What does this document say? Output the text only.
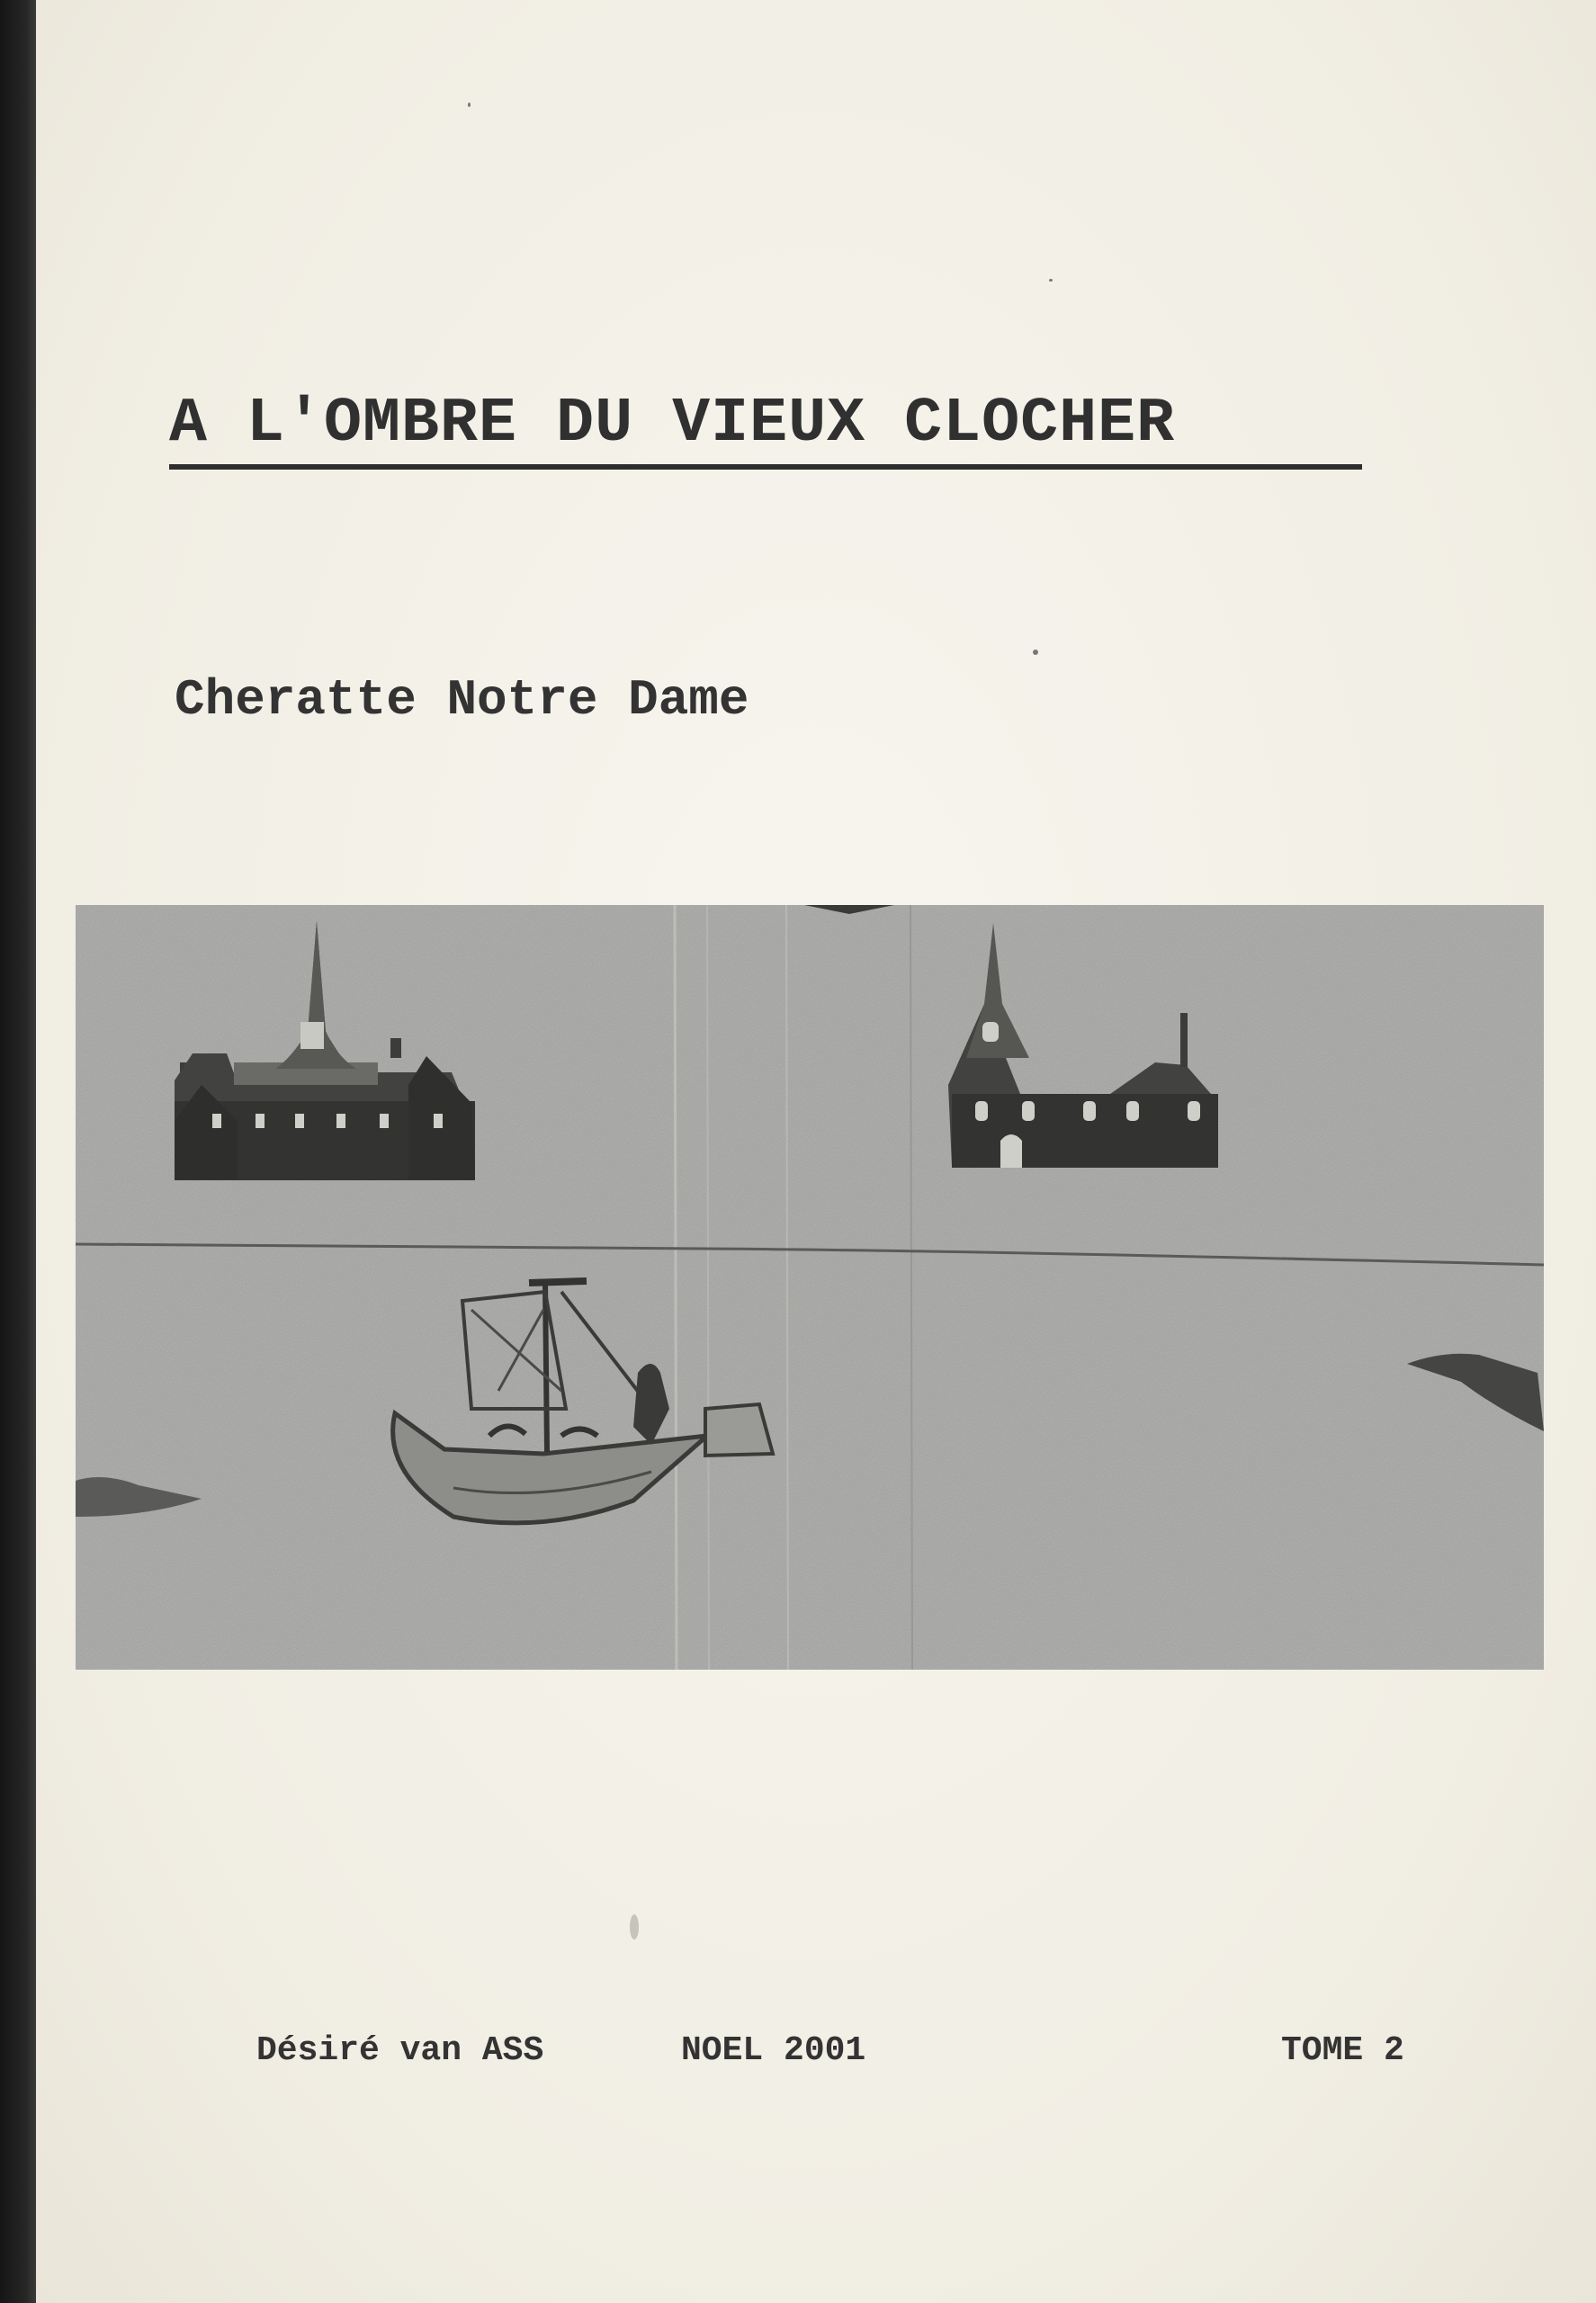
A L'OMBRE DU VIEUX CLOCHER
Cheratte Notre Dame
Désiré van ASS	NOEL 2001	TOME 2
